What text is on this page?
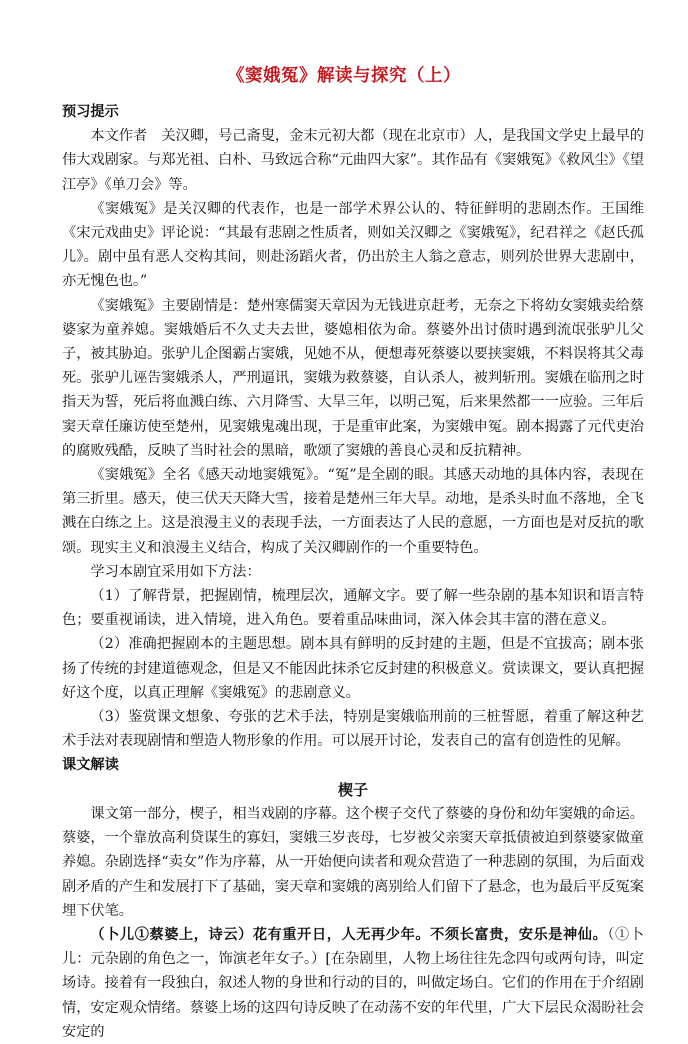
《窦娥冤》解读与探究（上）

预习提示

本文作者　关汉卿，号己斋叟，金末元初大都（现在北京市）人，是我国文学史上最早的伟大戏剧家。与郑光祖、白朴、马致远合称“元曲四大家”。其作品有《窦娥冤》《救风尘》《望江亭》《单刀会》等。

《窦娥冤》是关汉卿的代表作，也是一部学术界公认的、特征鲜明的悲剧杰作。王国维《宋元戏曲史》评论说：“其最有悲剧之性质者，则如关汉卿之《窦娥冤》，纪君祥之《赵氏孤儿》。剧中虽有恶人交构其间，则赴汤蹈火者，仍出於主人翁之意志，则列於世界大悲剧中，亦无愧色也。”

《窦娥冤》主要剧情是：楚州寒儒窦天章因为无钱进京赶考，无奈之下将幼女窦娥卖给蔡婆家为童养媳。窦娥婚后不久丈夫去世，婆媳相依为命。蔡婆外出讨债时遇到流氓张驴儿父子，被其胁迫。张驴儿企图霸占窦娥，见她不从，便想毒死蔡婆以要挟窦娥，不料误将其父毒死。张驴儿诬告窦娥杀人，严刑逼讯，窦娥为救蔡婆，自认杀人，被判斩刑。窦娥在临刑之时指天为誓，死后将血溅白练、六月降雪、大旱三年，以明己冤，后来果然都一一应验。三年后窦天章任廉访使至楚州，见窦娥鬼魂出现，于是重审此案，为窦娥申冤。剧本揭露了元代吏治的腐败残酷，反映了当时社会的黑暗，歌颂了窦娥的善良心灵和反抗精神。

《窦娥冤》全名《感天动地窦娥冤》。“冤”是全剧的眼。其感天动地的具体内容，表现在第三折里。感天，使三伏天天降大雪，接着是楚州三年大旱。动地，是杀头时血不落地，全飞溅在白练之上。这是浪漫主义的表现手法，一方面表达了人民的意愿，一方面也是对反抗的歌颂。现实主义和浪漫主义结合，构成了关汉卿剧作的一个重要特色。

学习本剧宜采用如下方法：

（1）了解背景，把握剧情，梳理层次，通解文字。要了解一些杂剧的基本知识和语言特色；要重视诵读，进入情境，进入角色。要着重品味曲词，深入体会其丰富的潜在意义。

（2）准确把握剧本的主题思想。剧本具有鲜明的反封建的主题，但是不宜拔高；剧本张扬了传统的封建道德观念，但是又不能因此抹杀它反封建的积极意义。赏读课文，要认真把握好这个度，以真正理解《窦娥冤》的悲剧意义。

（3）鉴赏课文想象、夸张的艺术手法，特别是窦娥临刑前的三桩誓愿，着重了解这种艺术手法对表现剧情和塑造人物形象的作用。可以展开讨论，发表自己的富有创造性的见解。

课文解读

楔子

课文第一部分，楔子，相当戏剧的序幕。这个楔子交代了蔡婆的身份和幼年窦娥的命运。蔡婆，一个靠放高利贷谋生的寡妇，窦娥三岁丧母，七岁被父亲窦天章抵债被迫到蔡婆家做童养媳。杂剧选择“卖女”作为序幕，从一开始便向读者和观众营造了一种悲剧的氛围，为后面戏剧矛盾的产生和发展打下了基础，窦天章和窦娥的离别给人们留下了悬念，也为最后平反冤案埋下伏笔。

（卜儿①蔡婆上，诗云）花有重开日，人无再少年。不须长富贵，安乐是神仙。（①卜儿：元杂剧的角色之一，饰演老年女子。）[在杂剧里，人物上场往往先念四句或两句诗，叫定场诗。接着有一段独白，叙述人物的身世和行动的目的，叫做定场白。它们的作用在于介绍剧情，安定观众情绪。蔡婆上场的这四句诗反映了在动荡不安的年代里，广大下层民众渴盼社会安定的
